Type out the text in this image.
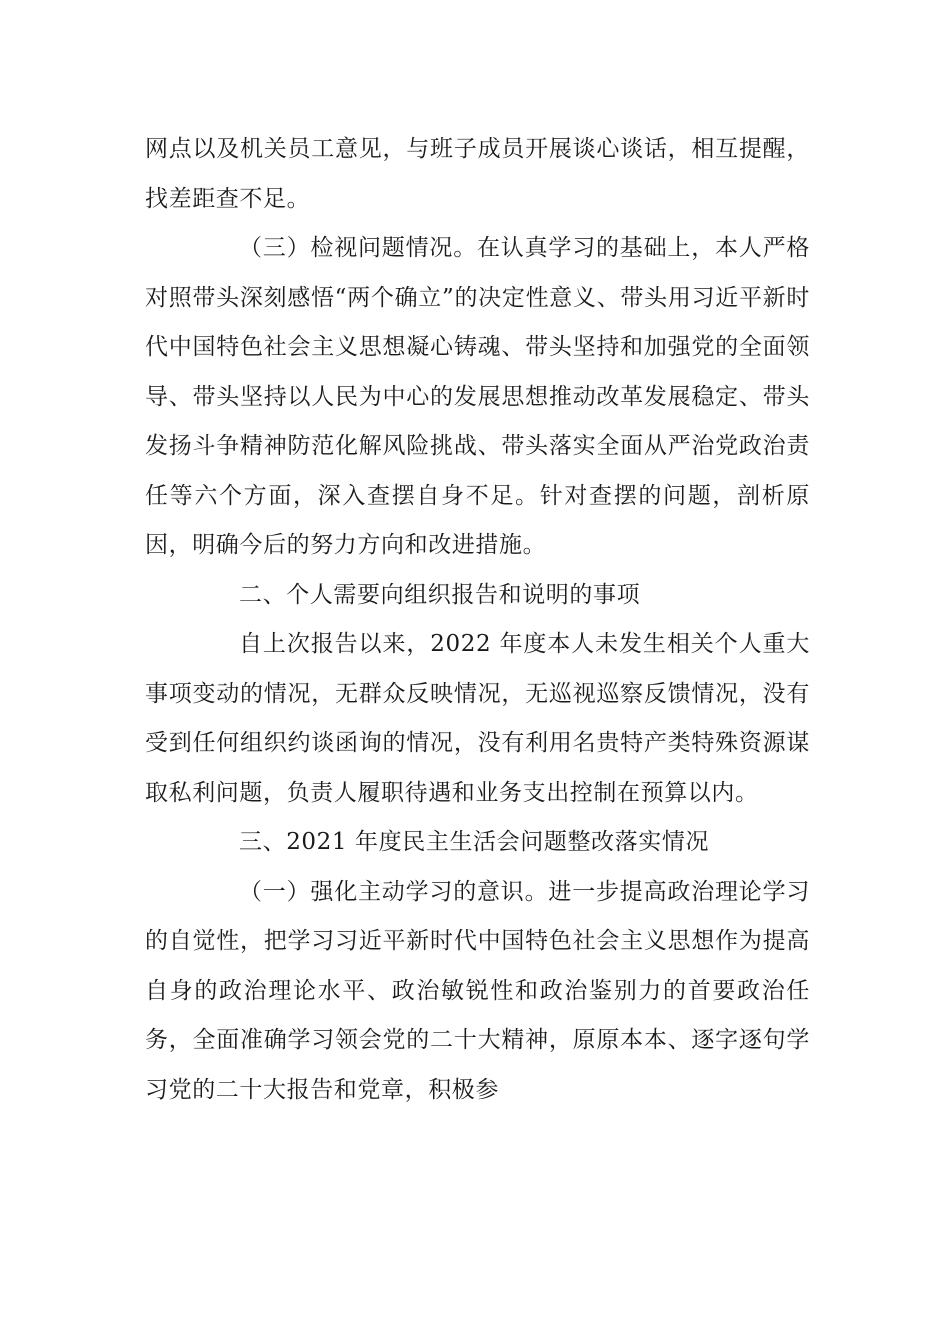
网点以及机关员工意见，与班子成员开展谈心谈话，相互提醒，找差距查不足。

（三）检视问题情况。在认真学习的基础上，本人严格对照带头深刻感悟“两个确立”的决定性意义、带头用习近平新时代中国特色社会主义思想凝心铸魂、带头坚持和加强党的全面领导、带头坚持以人民为中心的发展思想推动改革发展稳定、带头发扬斗争精神防范化解风险挑战、带头落实全面从严治党政治责任等六个方面，深入查摆自身不足。针对查摆的问题，剖析原因，明确今后的努力方向和改进措施。

二、个人需要向组织报告和说明的事项

自上次报告以来，2022 年度本人未发生相关个人重大事项变动的情况，无群众反映情况，无巡视巡察反馈情况，没有受到任何组织约谈函询的情况，没有利用名贵特产类特殊资源谋取私利问题，负责人履职待遇和业务支出控制在预算以内。

三、2021 年度民主生活会问题整改落实情况

（一）强化主动学习的意识。进一步提高政治理论学习的自觉性，把学习习近平新时代中国特色社会主义思想作为提高自身的政治理论水平、政治敏锐性和政治鉴别力的首要政治任务，全面准确学习领会党的二十大精神，原原本本、逐字逐句学习党的二十大报告和党章，积极参
